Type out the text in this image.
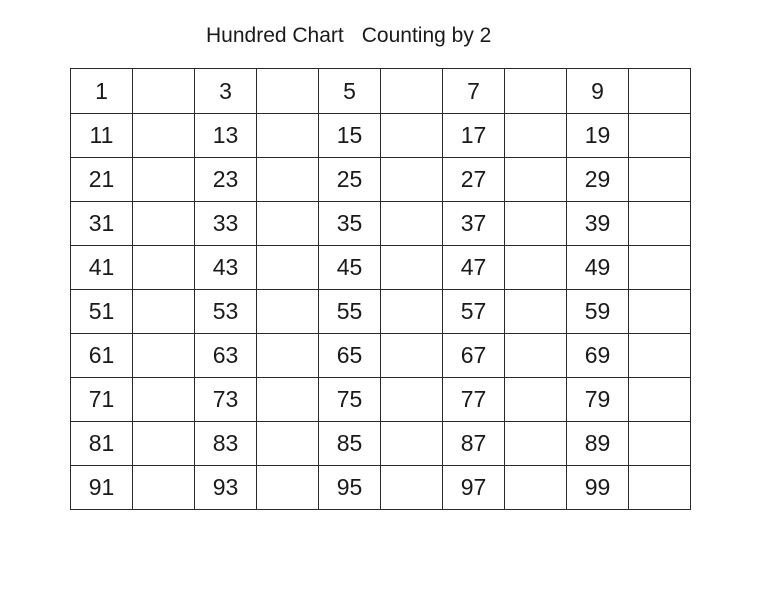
Hundred Chart Counting by 2
1		3		5		7		9	
11		13		15		17		19	
21		23		25		27		29	
31		33		35		37		39	
41		43		45		47		49	
51		53		55		57		59	
61		63		65		67		69	
71		73		75		77		79	
81		83		85		87		89	
91		93		95		97		99	
